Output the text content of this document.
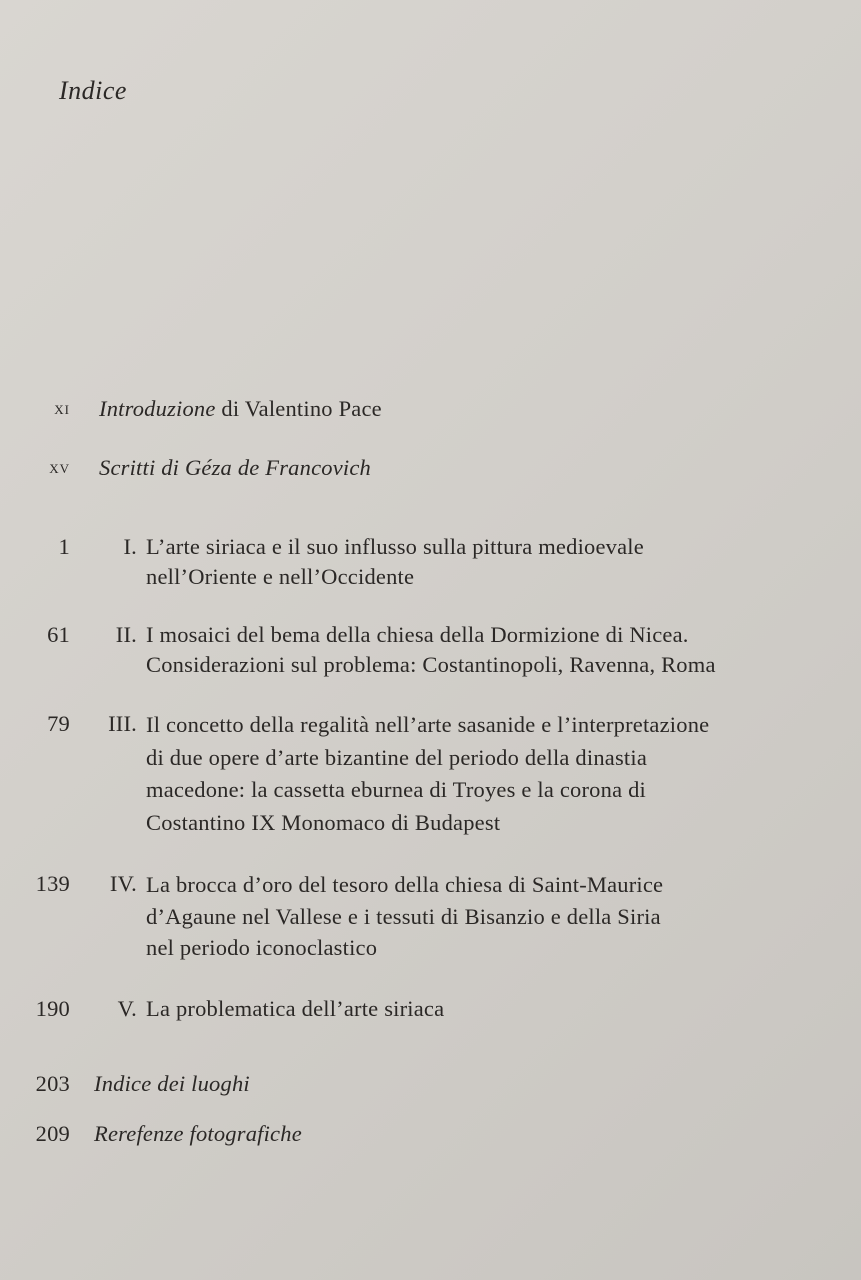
Indice
xi Introduzione di Valentino Pace
xv Scritti di Géza de Francovich
1	I. L’arte siriaca e il suo influsso sulla pittura medioevale
nell’Oriente e nell’Occidente
61	II. I mosaici del bema della chiesa della Dormizione di Nicea.
Considerazioni sul problema: Costantinopoli, Ravenna, Roma
79	III. Il concetto della regalità nell’arte sasanide e l’interpretazione
di due opere d’arte bizantine del periodo della dinastia
macedone: la cassetta eburnea di Troyes e la corona di
Costantino IX Monomaco di Budapest
139	IV. La brocca d’oro del tesoro della chiesa di Saint-Maurice
d’Agaune nel Vallese e i tessuti di Bisanzio e della Siria
nel periodo iconoclastico
190	V. La problematica dell’arte siriaca
203 Indice dei luoghi
209 Rerefenze fotografiche
